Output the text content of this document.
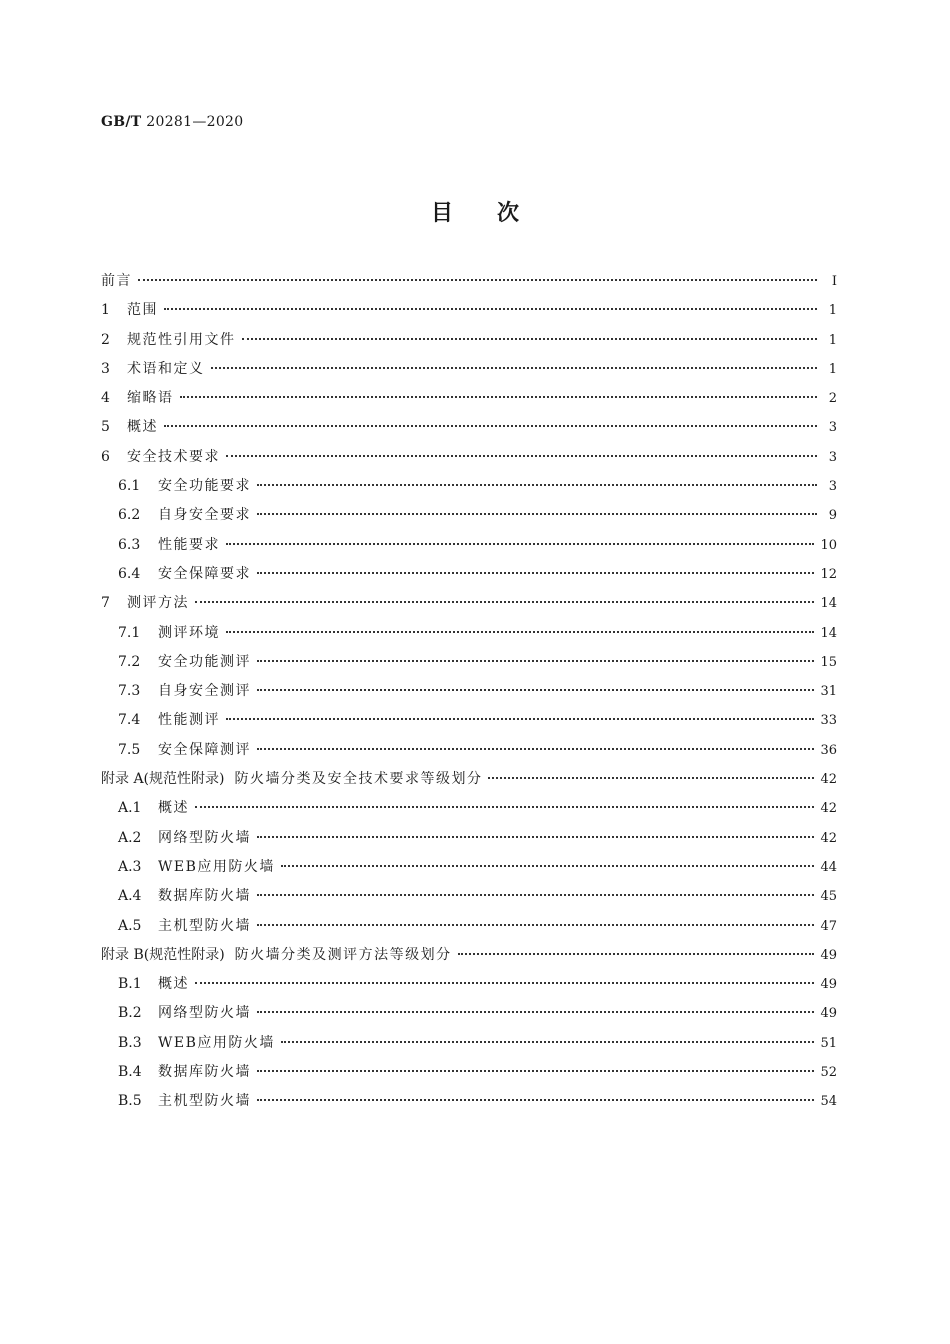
GB/T 20281—2020
目次
前言	Ⅰ
1	范围	1
2	规范性引用文件	1
3	术语和定义	1
4	缩略语	2
5	概述	3
6	安全技术要求	3
6.1	安全功能要求	3
6.2	自身安全要求	9
6.3	性能要求	10
6.4	安全保障要求	12
7	测评方法	14
7.1	测评环境	14
7.2	安全功能测评	15
7.3	自身安全测评	31
7.4	性能测评	33
7.5	安全保障测评	36
附录 A(规范性附录) 防火墙分类及安全技术要求等级划分	42
A.1	概述	42
A.2	网络型防火墙	42
A.3	WEB应用防火墙	44
A.4	数据库防火墙	45
A.5	主机型防火墙	47
附录 B(规范性附录) 防火墙分类及测评方法等级划分	49
B.1	概述	49
B.2	网络型防火墙	49
B.3	WEB应用防火墙	51
B.4	数据库防火墙	52
B.5	主机型防火墙	54
